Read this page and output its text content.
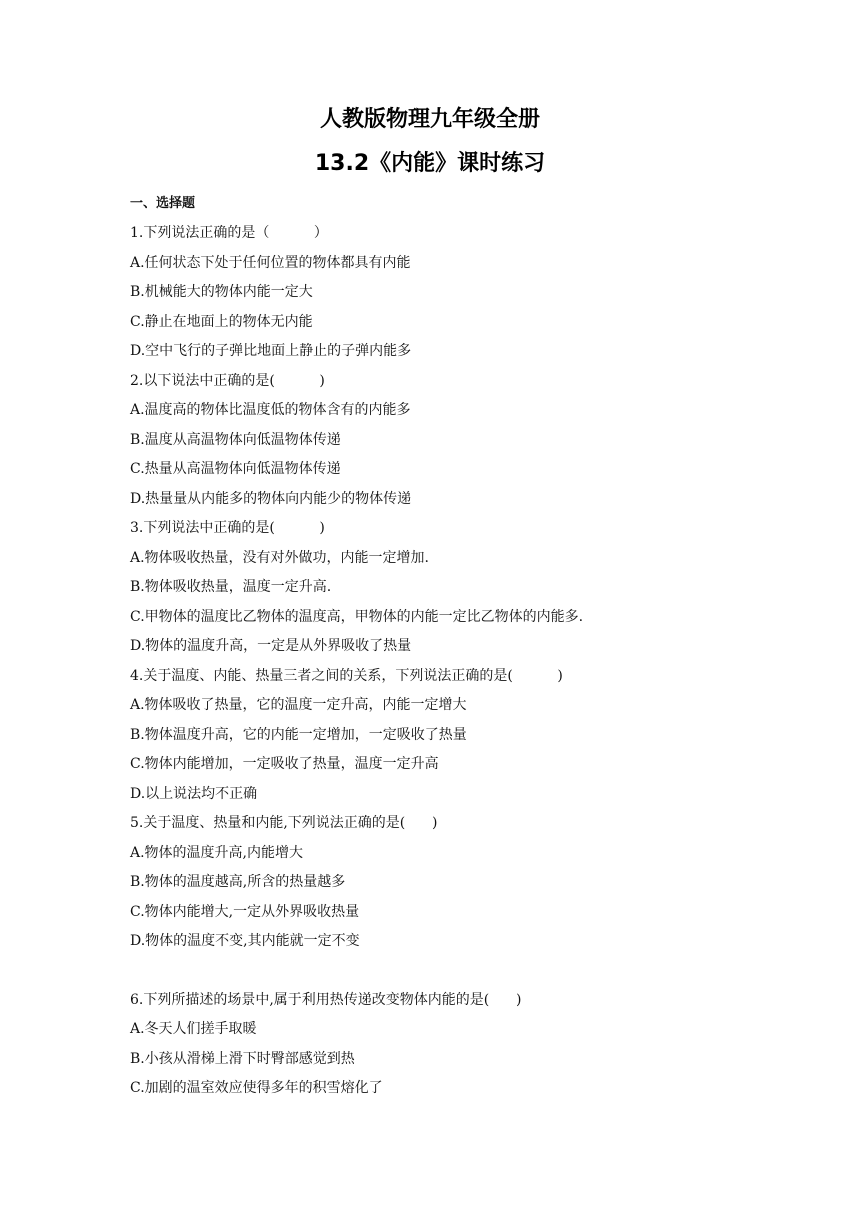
人教版物理九年级全册
13.2《内能》课时练习
一、选择题
1.下列说法正确的是（          ）
A.任何状态下处于任何位置的物体都具有内能
B.机械能大的物体内能一定大
C.静止在地面上的物体无内能
D.空中飞行的子弹比地面上静止的子弹内能多
2.以下说法中正确的是(          )
A.温度高的物体比温度低的物体含有的内能多
B.温度从高温物体向低温物体传递
C.热量从高温物体向低温物体传递
D.热量量从内能多的物体向内能少的物体传递
3.下列说法中正确的是(          )
A.物体吸收热量，没有对外做功，内能一定增加.
B.物体吸收热量，温度一定升高.
C.甲物体的温度比乙物体的温度高，甲物体的内能一定比乙物体的内能多.
D.物体的温度升高，一定是从外界吸收了热量
4.关于温度、内能、热量三者之间的关系，下列说法正确的是(          )
A.物体吸收了热量，它的温度一定升高，内能一定增大
B.物体温度升高，它的内能一定增加，一定吸收了热量
C.物体内能增加，一定吸收了热量，温度一定升高
D.以上说法均不正确
5.关于温度、热量和内能,下列说法正确的是(      )
A.物体的温度升高,内能增大
B.物体的温度越高,所含的热量越多
C.物体内能增大,一定从外界吸收热量
D.物体的温度不变,其内能就一定不变
6.下列所描述的场景中,属于利用热传递改变物体内能的是(      )
A.冬天人们搓手取暖
B.小孩从滑梯上滑下时臀部感觉到热
C.加剧的温室效应使得多年的积雪熔化了
